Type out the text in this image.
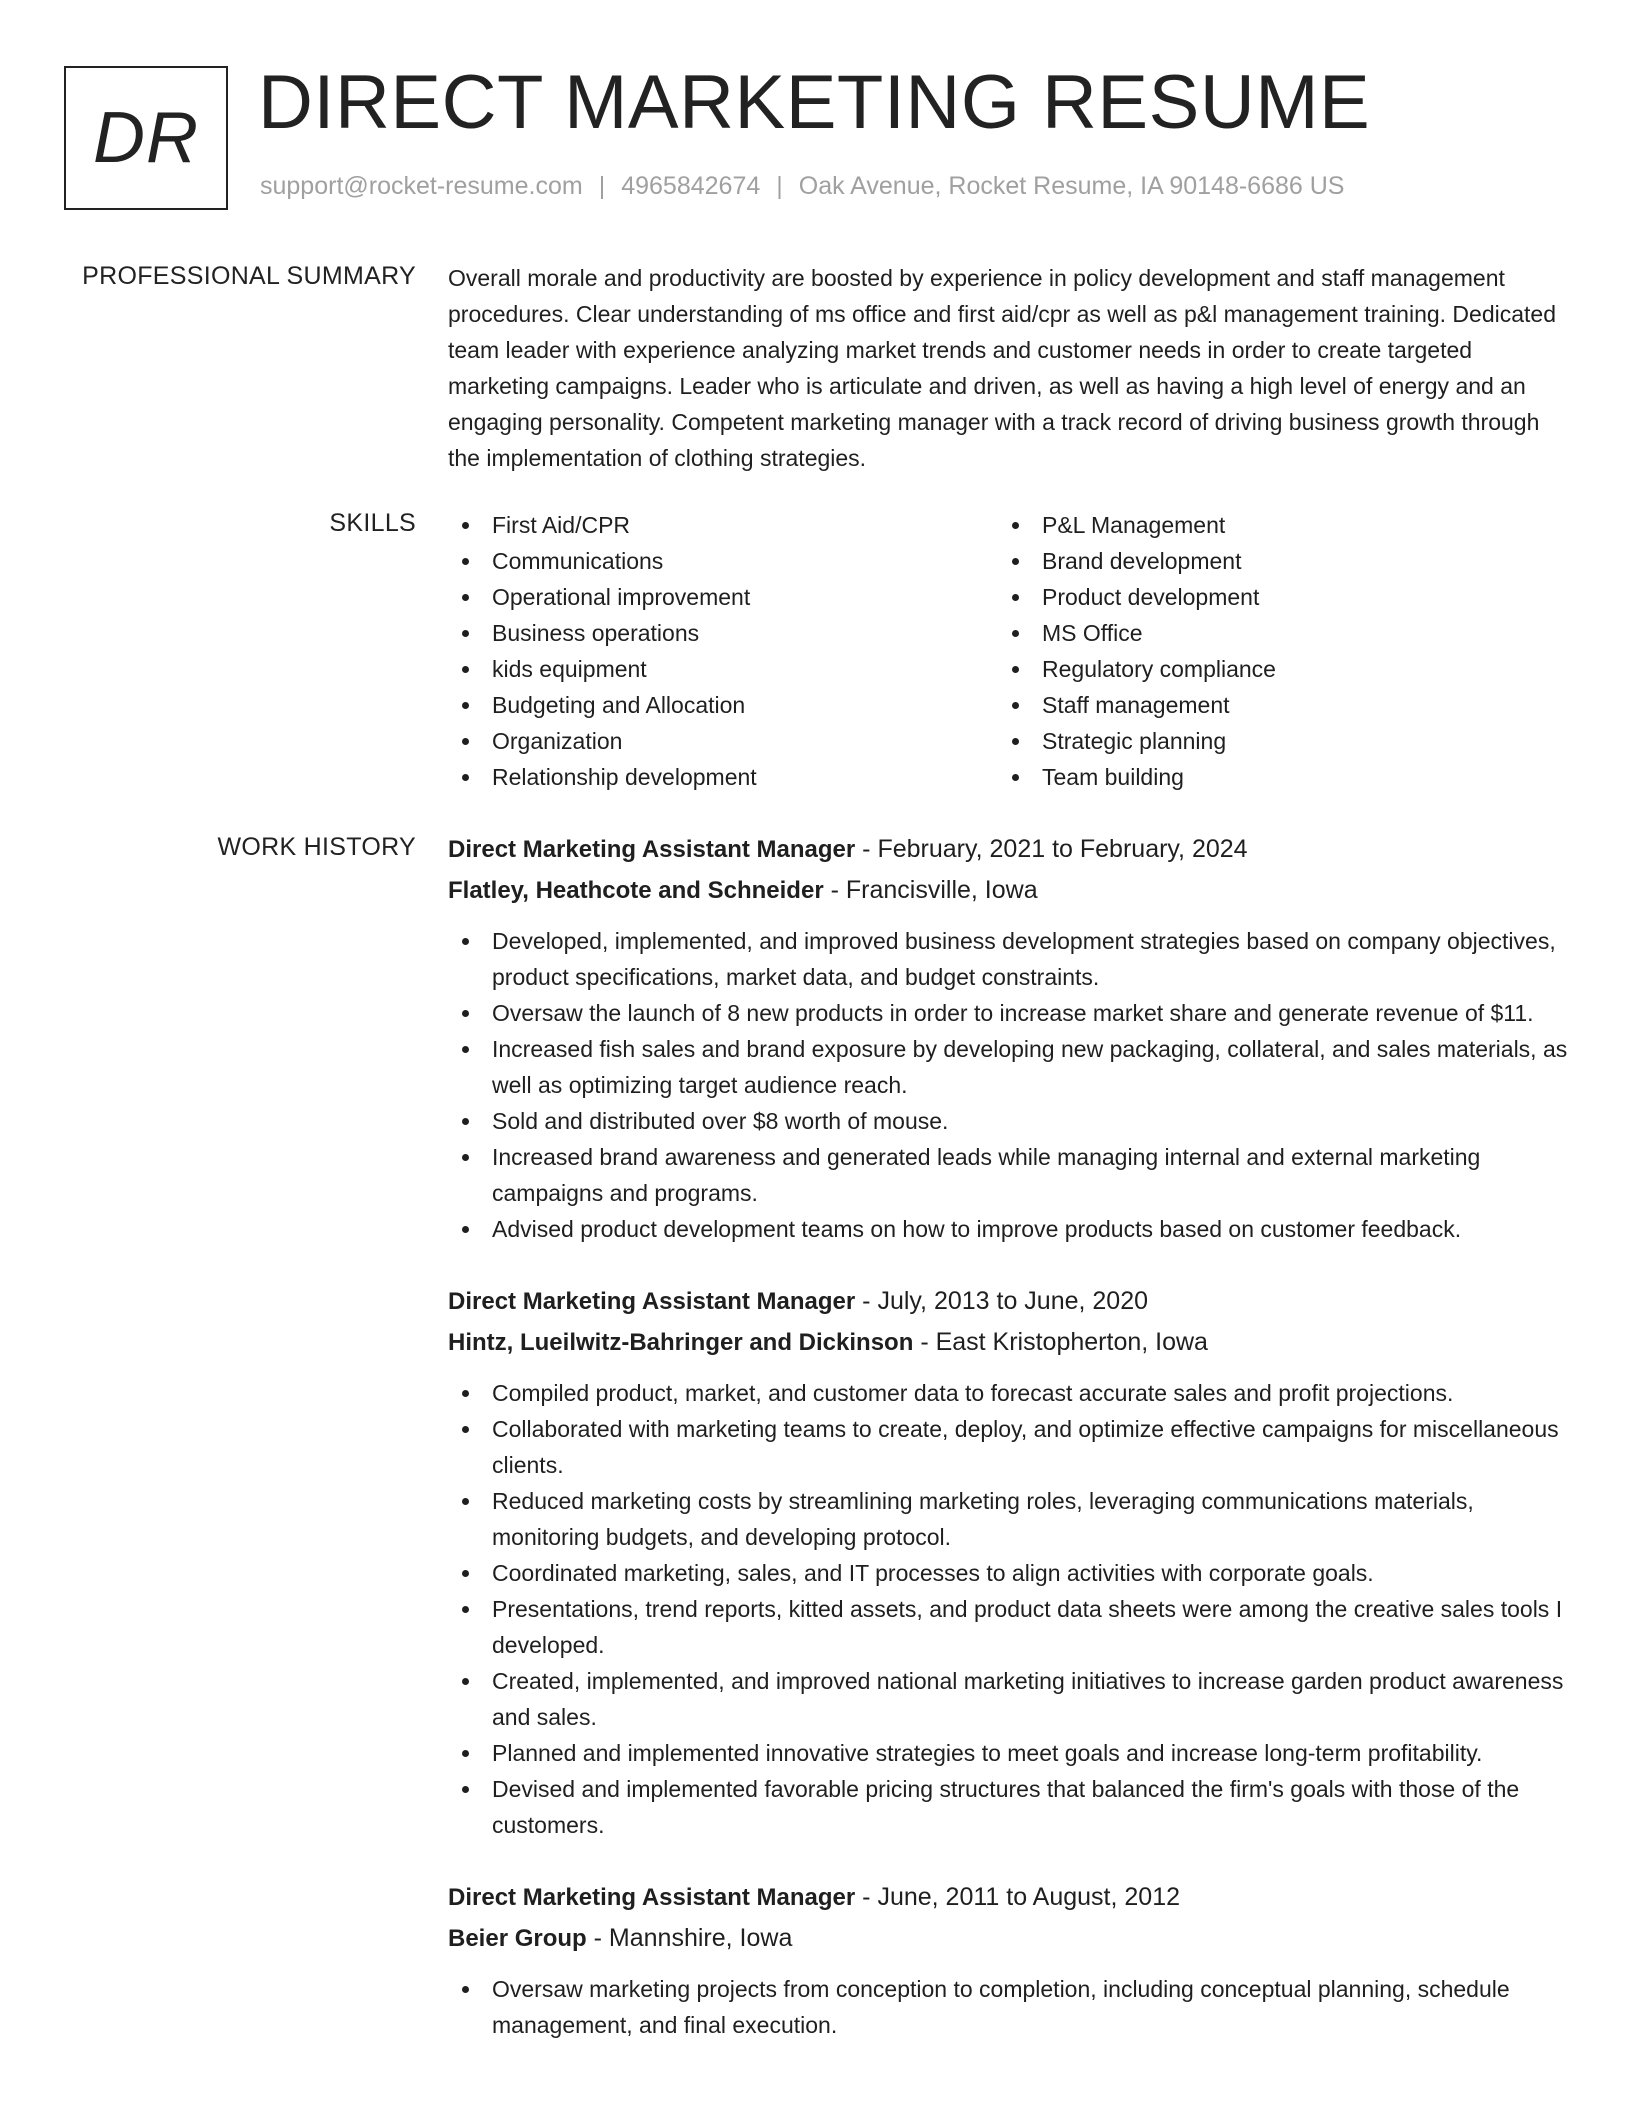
DR DIRECT MARKETING RESUME
support@rocket-resume.com | 4965842674 | Oak Avenue, Rocket Resume, IA 90148-6686 US
PROFESSIONAL SUMMARY Overall morale and productivity are boosted by experience in policy development and staff management procedures. Clear understanding of ms office and first aid/cpr as well as p&l management training. Dedicated team leader with experience analyzing market trends and customer needs in order to create targeted marketing campaigns. Leader who is articulate and driven, as well as having a high level of energy and an engaging personality. Competent marketing manager with a track record of driving business growth through the implementation of clothing strategies.
SKILLS	First Aid/CPR
Communications
Operational improvement
Business operations
kids equipment
Budgeting and Allocation
Organization
Relationship development
P&L Management
Brand development
Product development
MS Office
Regulatory compliance
Staff management
Strategic planning
Team building
WORK HISTORY Direct Marketing Assistant Manager - February, 2021 to February, 2024
Flatley, Heathcote and Schneider - Francisville, Iowa
Developed, implemented, and improved business development strategies based on company objectives, product specifications, market data, and budget constraints.
Oversaw the launch of 8 new products in order to increase market share and generate revenue of $11.
Increased fish sales and brand exposure by developing new packaging, collateral, and sales materials, as well as optimizing target audience reach.
Sold and distributed over $8 worth of mouse.
Increased brand awareness and generated leads while managing internal and external marketing campaigns and programs.
Advised product development teams on how to improve products based on customer feedback.
Direct Marketing Assistant Manager - July, 2013 to June, 2020
Hintz, Lueilwitz-Bahringer and Dickinson - East Kristopherton, Iowa
Compiled product, market, and customer data to forecast accurate sales and profit projections.
Collaborated with marketing teams to create, deploy, and optimize effective campaigns for miscellaneous clients.
Reduced marketing costs by streamlining marketing roles, leveraging communications materials, monitoring budgets, and developing protocol.
Coordinated marketing, sales, and IT processes to align activities with corporate goals.
Presentations, trend reports, kitted assets, and product data sheets were among the creative sales tools I developed.
Created, implemented, and improved national marketing initiatives to increase garden product awareness and sales.
Planned and implemented innovative strategies to meet goals and increase long-term profitability.
Devised and implemented favorable pricing structures that balanced the firm's goals with those of the customers.
Direct Marketing Assistant Manager - June, 2011 to August, 2012
Beier Group - Mannshire, Iowa
Oversaw marketing projects from conception to completion, including conceptual planning, schedule management, and final execution.
